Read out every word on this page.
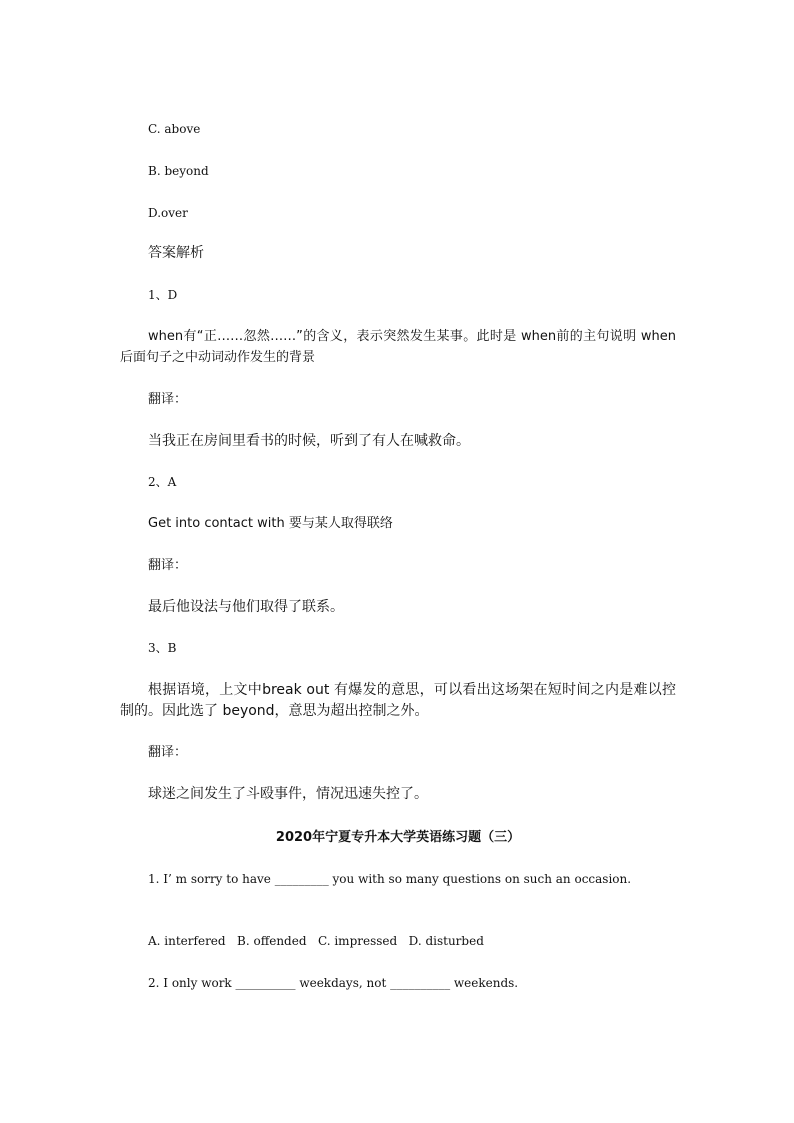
C. above
B. beyond
D.over
答案解析
1、D
when有“正……忽然……”的含义，表示突然发生某事。此时是 when前的主句说明 when后面句子之中动词动作发生的背景
翻译：
当我正在房间里看书的时候，听到了有人在喊救命。
2、A
Get into contact with 要与某人取得联络
翻译：
最后他设法与他们取得了联系。
3、B
根据语境，上文中break out 有爆发的意思，可以看出这场架在短时间之内是难以控制的。因此选了 beyond，意思为超出控制之外。
翻译：
球迷之间发生了斗殴事件，情况迅速失控了。
2020年宁夏专升本大学英语练习题（三）
1. I’ m sorry to have _________ you with so many questions on such an occasion.
A. interfered   B. offended   C. impressed   D. disturbed
2. I only work __________ weekdays, not __________ weekends.
